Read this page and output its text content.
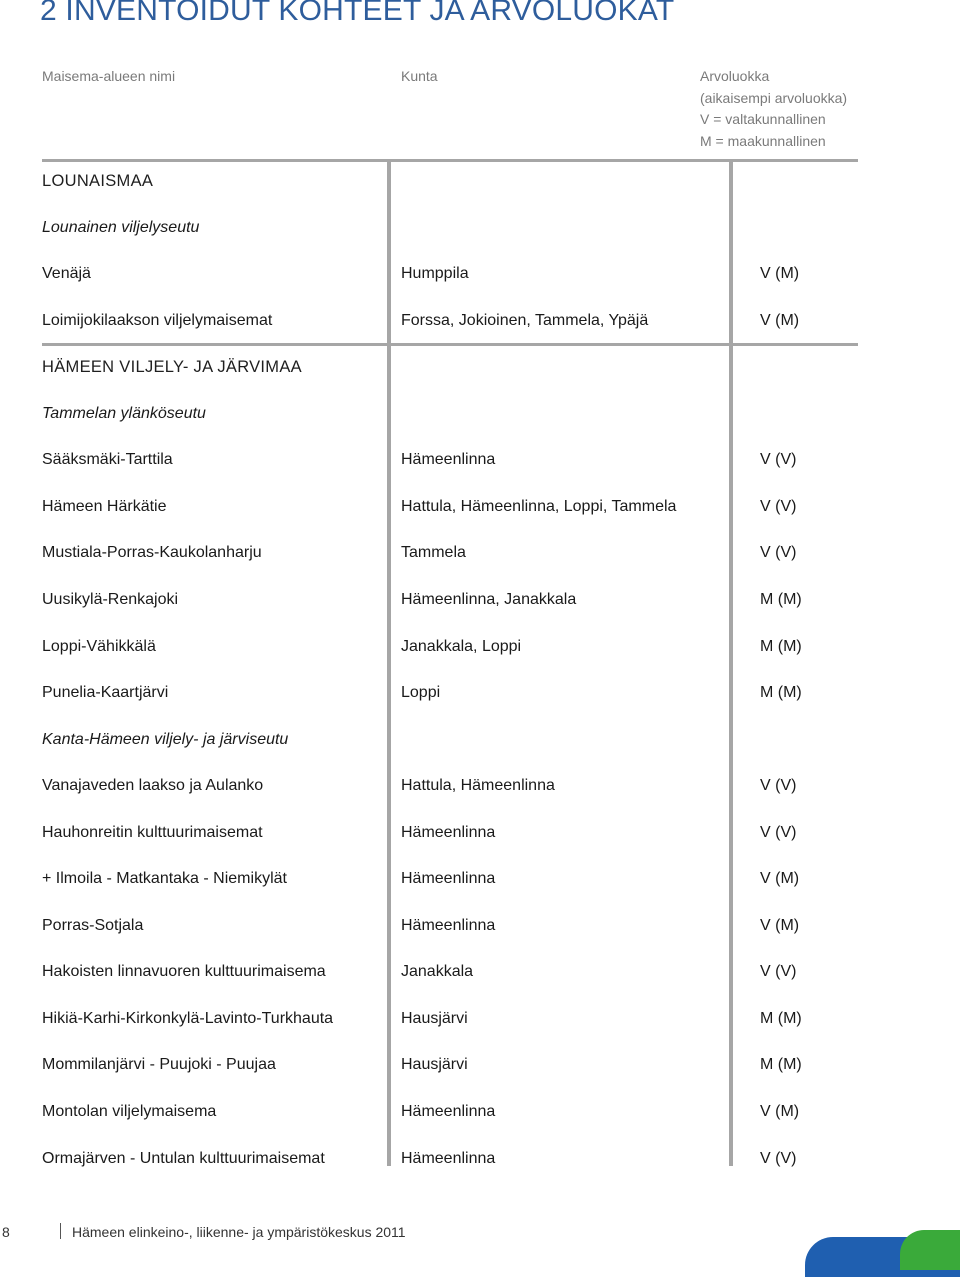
2 INVENTOIDUT KOHTEET JA ARVOLUOKAT
Maisema-alueen nimi	Kunta	Arvoluokka
(aikaisempi arvoluokka)
V = valtakunnallinen
M = maakunnallinen
LOUNAISMAA
Lounainen viljelyseutu
Venäjä	Humppila	V (M)
Loimijokilaakson viljelymaisemat	Forssa, Jokioinen, Tammela, Ypäjä	V (M)
HÄMEEN VILJELY- JA JÄRVIMAA
Tammelan ylänköseutu
Sääksmäki-Tarttila	Hämeenlinna	V (V)
Hämeen Härkätie	Hattula, Hämeenlinna, Loppi, Tammela	V (V)
Mustiala-Porras-Kaukolanharju	Tammela	V (V)
Uusikylä-Renkajoki	Hämeenlinna, Janakkala	M (M)
Loppi-Vähikkälä	Janakkala, Loppi	M (M)
Punelia-Kaartjärvi	Loppi	M (M)
Kanta-Hämeen viljely- ja järviseutu
Vanajaveden laakso ja Aulanko	Hattula, Hämeenlinna	V (V)
Hauhonreitin kulttuurimaisemat	Hämeenlinna	V (V)
+ Ilmoila - Matkantaka - Niemikylät	Hämeenlinna	V (M)
Porras-Sotjala	Hämeenlinna	V (M)
Hakoisten linnavuoren kulttuurimaisema	Janakkala	V (V)
Hikiä-Karhi-Kirkonkylä-Lavinto-Turkhauta	Hausjärvi	M (M)
Mommilanjärvi - Puujoki - Puujaa	Hausjärvi	M (M)
Montolan viljelymaisema	Hämeenlinna	V (M)
Ormajärven - Untulan kulttuurimaisemat	Hämeenlinna	V (V)
8	Hämeen elinkeino-, liikenne- ja ympäristökeskus 2011
